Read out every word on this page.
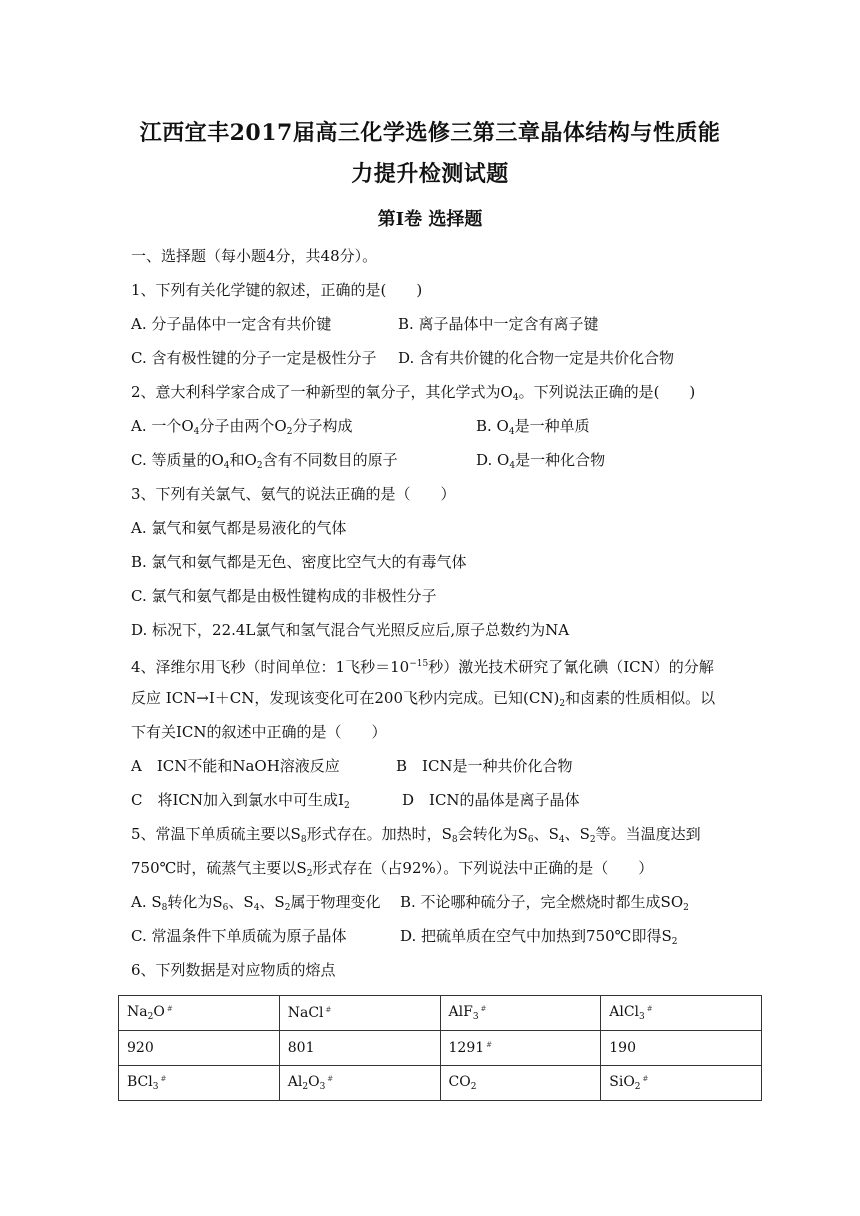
江西宜丰2017届高三化学选修三第三章晶体结构与性质能
力提升检测试题
第Ⅰ卷 选择题
一、选择题（每小题4分，共48分）。
1、下列有关化学键的叙述，正确的是(　　)
A. 分子晶体中一定含有共价键	B. 离子晶体中一定含有离子键
C. 含有极性键的分子一定是极性分子 D. 含有共价键的化合物一定是共价化合物
2、意大利科学家合成了一种新型的氧分子，其化学式为$O_4$。下列说法正确的是(　　)
A. 一个$O_4$分子由两个$O_2$分子构成	B. $O_4$是一种单质
C. 等质量的$O_4$和$O_2$含有不同数目的原子	D. $O_4$是一种化合物
3、下列有关氯气、氨气的说法正确的是（　　）
A. 氯气和氨气都是易液化的气体
B. 氯气和氨气都是无色、密度比空气大的有毒气体
C. 氯气和氨气都是由极性键构成的非极性分子
D. 标况下，22.4L氯气和氢气混合气光照反应后,原子总数约为NA
4、泽维尔用飞秒（时间单位：1飞秒$=10^{-15}$秒）激光技术研究了氰化碘（ICN）的分解
反应 ICN→I＋CN，发现该变化可在200飞秒内完成。已知$(CN)_2$和卤素的性质相似。以
下有关ICN的叙述中正确的是（　　）
A　ICN不能和NaOH溶液反应	B　ICN是一种共价化合物
C　将ICN加入到氯水中可生成$I_2$	D　ICN的晶体是离子晶体
5、常温下单质硫主要以$S_8$形式存在。加热时，$S_8$会转化为$S_6$、$S_4$、$S_2$等。当温度达到
750℃时，硫蒸气主要以$S_2$形式存在（占92%）。下列说法中正确的是（　　）
A. $S_8$转化为$S_6$、$S_4$、$S_2$属于物理变化 B. 不论哪种硫分子，完全燃烧时都生成$SO_2$
C. 常温条件下单质硫为原子晶体	D. 把硫单质在空气中加热到750℃即得$S_2$
6、下列数据是对应物质的熔点
$Na_2O$ #	NaCl #	AlF$_3$#	AlCl$_3$#
920	801	1291 #	190
BCl$_3$#	$Al_2O_3^{\#}$	$CO_2$	SiO$_2$#
